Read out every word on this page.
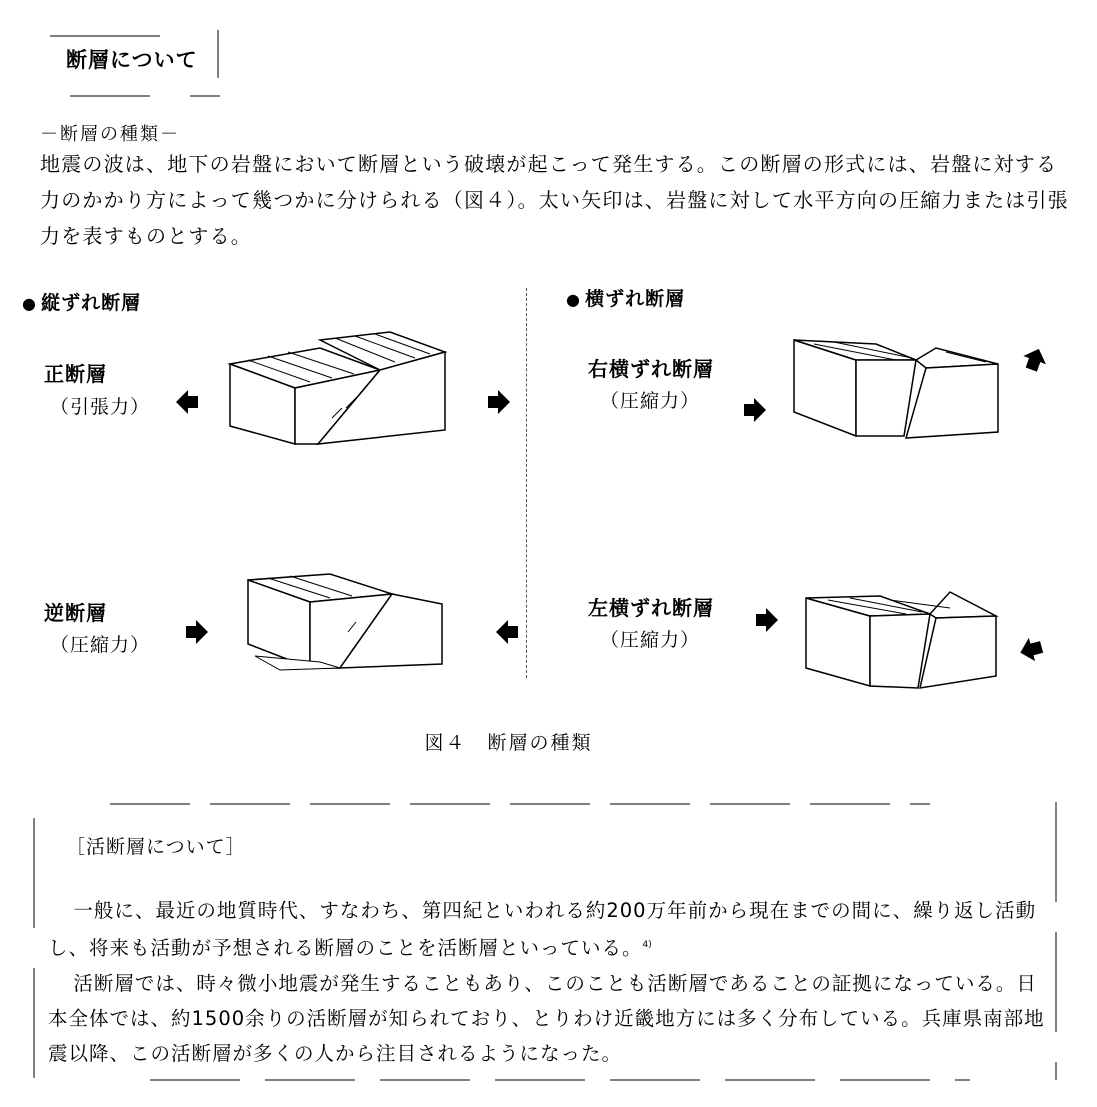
断層について
－断層の種類－
地震の波は、地下の岩盤において断層という破壊が起こって発生する。この断層の形式には、岩盤に対する力のかかり方によって幾つかに分けられる（図４）。太い矢印は、岩盤に対して水平方向の圧縮力または引張力を表すものとする。
● 縦ずれ断層	● 横ずれ断層
正断層
（引張力）
逆断層
（圧縮力）
右横ずれ断層
（圧縮力）
左横ずれ断層
（圧縮力）
図４　断層の種類
［活断層について］

一般に、最近の地質時代、すなわち、第四紀といわれる約200万年前から現在までの間に、繰り返し活動し、将来も活動が予想される断層のことを活断層といっている。$^{4)}$

活断層では、時々微小地震が発生することもあり、このことも活断層であることの証拠になっている。日本全体では、約1500余りの活断層が知られており、とりわけ近畿地方には多く分布している。兵庫県南部地震以降、この活断層が多くの人から注目されるようになった。
